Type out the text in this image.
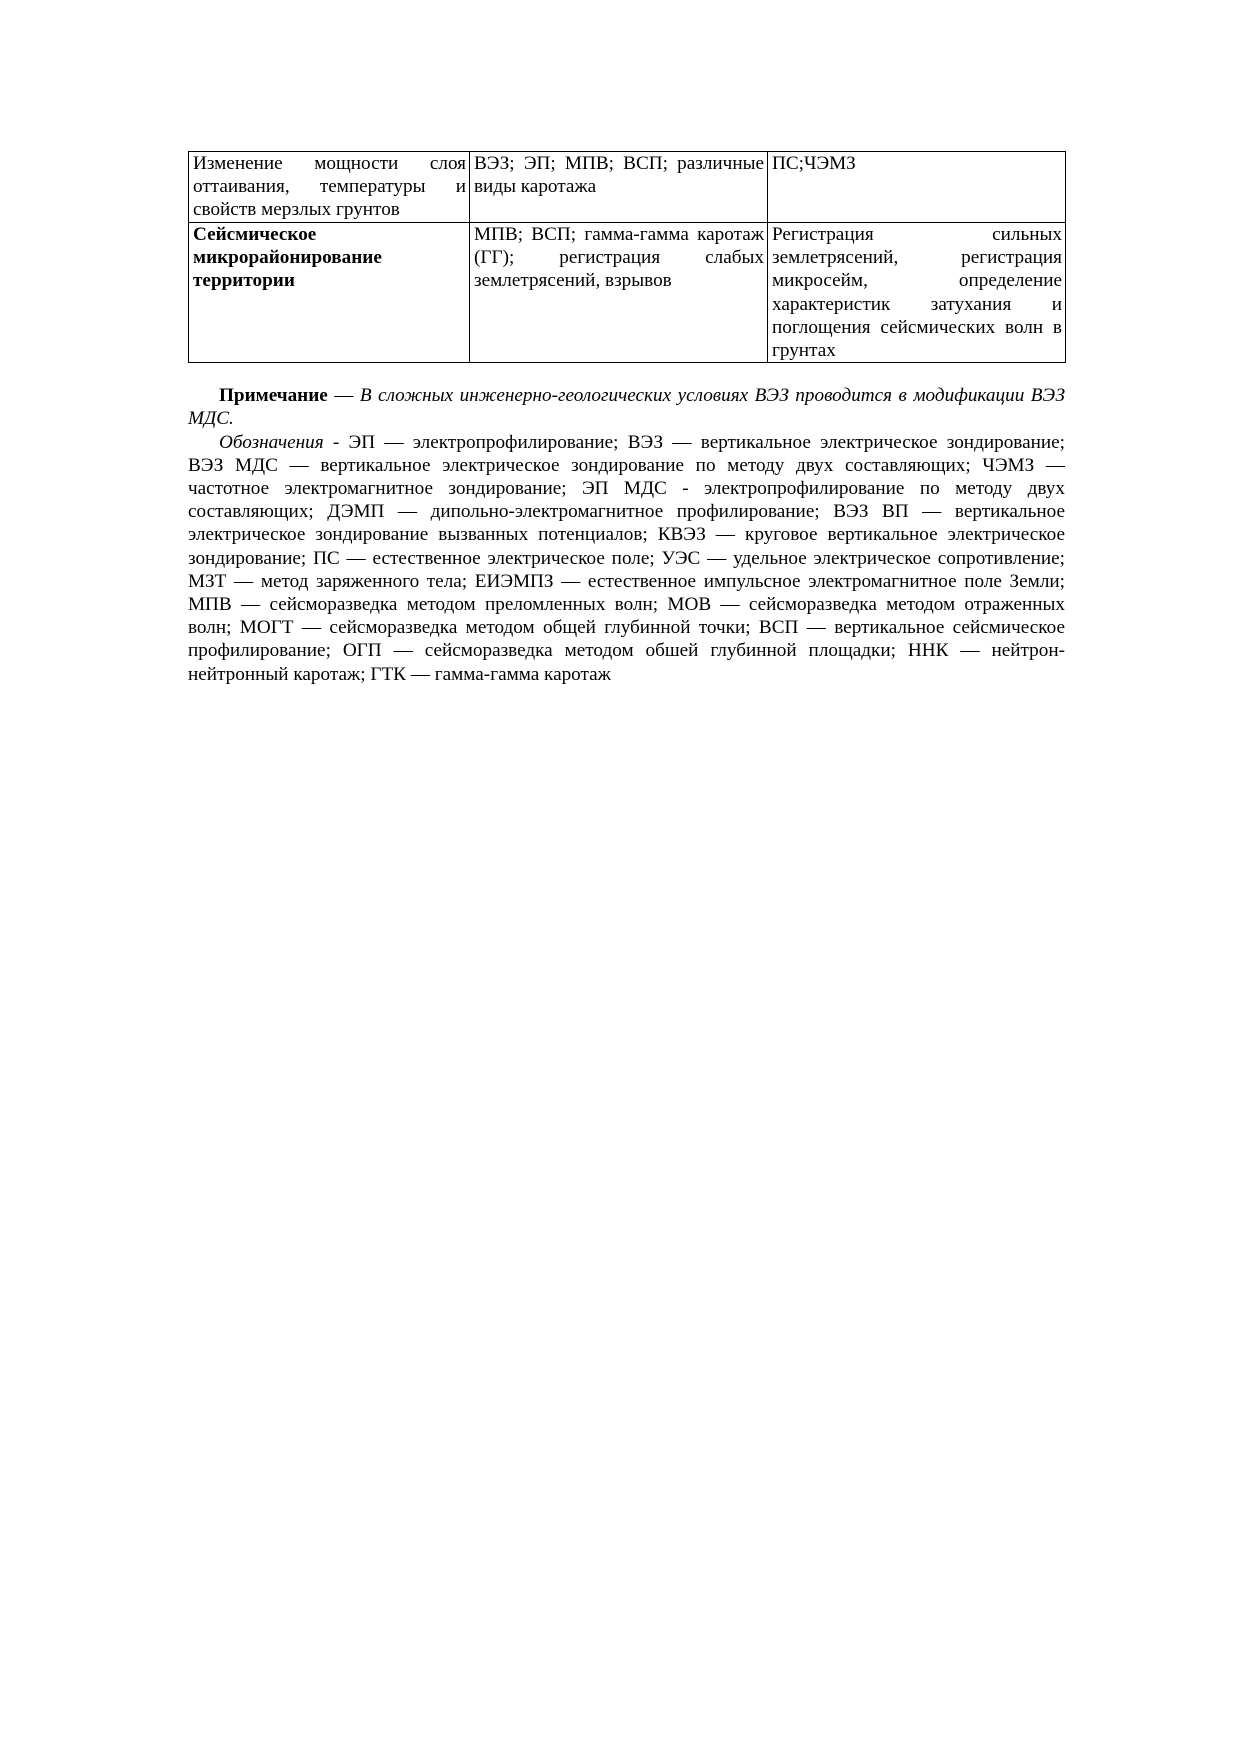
Изменение мощности слоя оттаивания, температуры и свойств мерзлых грунтов	ВЭЗ; ЭП; МПВ; ВСП; различные виды каротажа	ПС;ЧЭМЗ
Сейсмическое микрорайонирование территории	МПВ; ВСП; гамма-гамма каротаж (ГГ); регистрация слабых землетрясений, взрывов	Регистрация сильных землетрясений, регистрация микросейм, определение характеристик затухания и поглощения сейсмических волн в грунтах

Примечание — В сложных инженерно-геологических условиях ВЭЗ проводится в модификации ВЭЗ МДС.

Обозначения - ЭП — электропрофилирование; ВЭЗ — вертикальное электрическое зондирование; ВЭЗ МДС — вертикальное электрическое зондирование по методу двух составляющих; ЧЭМЗ — частотное электромагнитное зондирование; ЭП МДС - электропрофилирование по методу двух составляющих; ДЭМП — дипольно-электромагнитное профилирование; ВЭЗ ВП — вертикальное электрическое зондирование вызванных потенциалов; КВЭЗ — круговое вертикальное электрическое зондирование; ПС — естественное электрическое поле; УЭС — удельное электрическое сопротивление; МЗТ — метод заряженного тела; ЕИЭМПЗ — естественное импульсное электромагнитное поле Земли; МПВ — сейсморазведка методом преломленных волн; МОВ — сейсморазведка методом отраженных волн; МОГТ — сейсморазведка методом общей глубинной точки; ВСП — вертикальное сейсмическое профилирование; ОГП — сейсморазведка методом обшей глубинной площадки; ННК — нейтрон-нейтронный каротаж; ГТК — гамма-гамма каротаж
